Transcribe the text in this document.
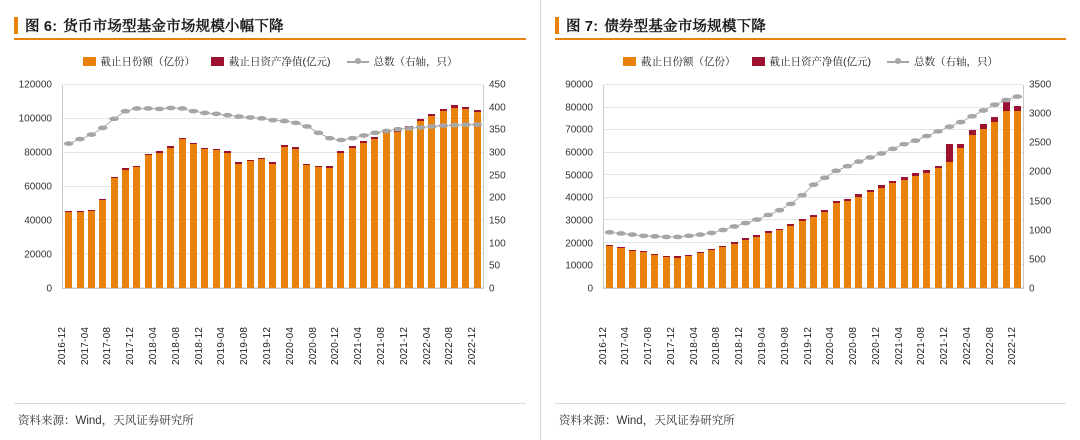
图 6: 货币市场型基金市场规模小幅下降
截止日份额（亿份）	截止日资产净值(亿元)	总数（右轴，只）
0
20000
40000
60000
80000
100000
120000
0
50
100
150
200
250
300
350
400
450
2016-12 2017-04 2017-08 2017-12 2018-04 2018-08 2018-12 2019-04 2019-08 2019-12 2020-04 2020-08 2020-12 2021-04 2021-08 2021-12 2022-04 2022-08 2022-12
资料来源：Wind，天风证券研究所
图 7: 债券型基金市场规模下降
截止日份额（亿份）	截止日资产净值(亿元)	总数（右轴，只）
0
10000
20000
30000
40000
50000
60000
70000
80000
90000
0
500
1000
1500
2000
2500
3000
3500
2016-12 2017-04 2017-08 2017-12 2018-04 2018-08 2018-12 2019-04 2019-08 2019-12 2020-04 2020-08 2020-12 2021-04 2021-08 2021-12 2022-04 2022-08 2022-12
资料来源：Wind，天风证券研究所
